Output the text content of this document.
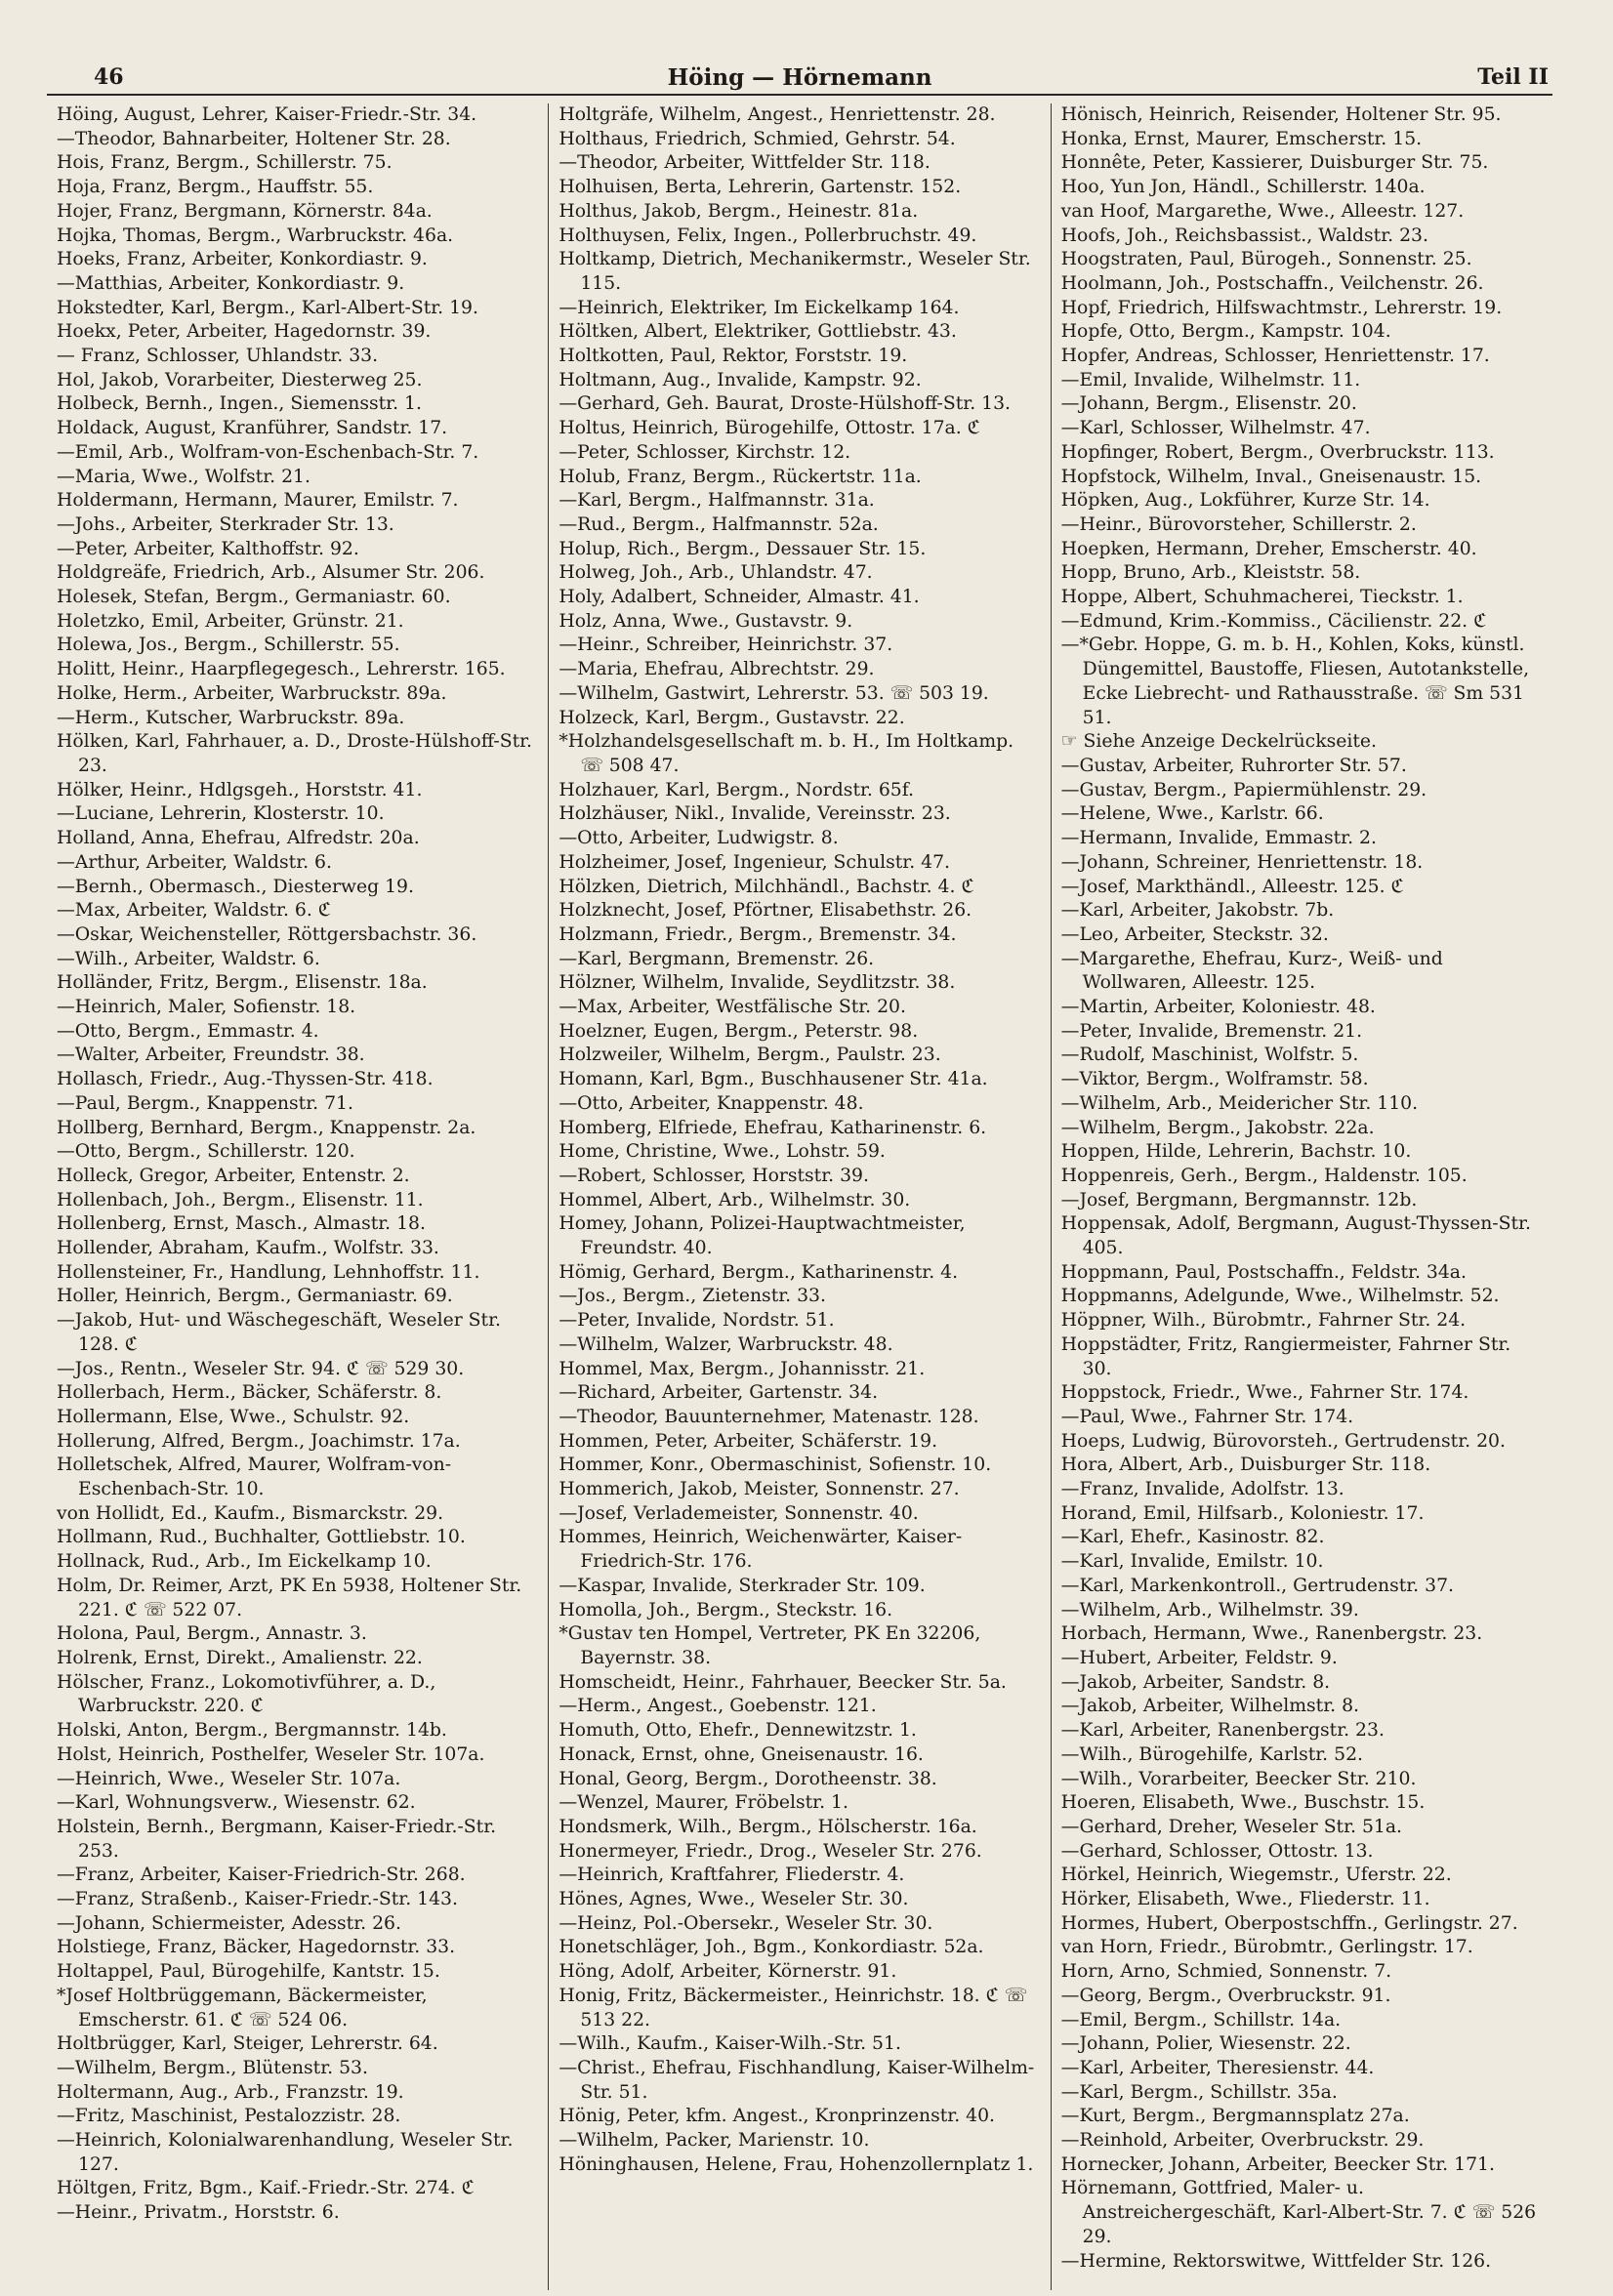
46	Höing — Hörnemann	Teil II
Höing, August, Lehrer, Kaiser-Friedr.-Str. 34.
—Theodor, Bahnarbeiter, Holtener Str. 28.
Hois, Franz, Bergm., Schillerstr. 75.
Hoja, Franz, Bergm., Hauffstr. 55.
Hojer, Franz, Bergmann, Körnerstr. 84a.
Hojka, Thomas, Bergm., Warbruckstr. 46a.
Hoeks, Franz, Arbeiter, Konkordiastr. 9.
—Matthias, Arbeiter, Konkordiastr. 9.
Hokstedter, Karl, Bergm., Karl-Albert-Str. 19.
Hoekx, Peter, Arbeiter, Hagedornstr. 39.
— Franz, Schlosser, Uhlandstr. 33.
Hol, Jakob, Vorarbeiter, Diesterweg 25.
Holbeck, Bernh., Ingen., Siemensstr. 1.
Holdack, August, Kranführer, Sandstr. 17.
—Emil, Arb., Wolfram-von-Eschenbach-Str. 7.
—Maria, Wwe., Wolfstr. 21.
Holdermann, Hermann, Maurer, Emilstr. 7.
—Johs., Arbeiter, Sterkrader Str. 13.
—Peter, Arbeiter, Kalthoffstr. 92.
Holdgreäfe, Friedrich, Arb., Alsumer Str. 206.
Holesek, Stefan, Bergm., Germaniastr. 60.
Holetzko, Emil, Arbeiter, Grünstr. 21.
Holewa, Jos., Bergm., Schillerstr. 55.
Holitt, Heinr., Haarpflegegesch., Lehrerstr. 165.
Holke, Herm., Arbeiter, Warbruckstr. 89a.
—Herm., Kutscher, Warbruckstr. 89a.
Hölken, Karl, Fahrhauer, a. D., Droste-Hülshoff-Str. 23.
Hölker, Heinr., Hdlgsgeh., Horststr. 41.
—Luciane, Lehrerin, Klosterstr. 10.
Holland, Anna, Ehefrau, Alfredstr. 20a.
—Arthur, Arbeiter, Waldstr. 6.
—Bernh., Obermasch., Diesterweg 19.
—Max, Arbeiter, Waldstr. 6. ℭ
—Oskar, Weichensteller, Röttgersbachstr. 36.
—Wilh., Arbeiter, Waldstr. 6.
Holländer, Fritz, Bergm., Elisenstr. 18a.
—Heinrich, Maler, Sofienstr. 18.
—Otto, Bergm., Emmastr. 4.
—Walter, Arbeiter, Freundstr. 38.
Hollasch, Friedr., Aug.-Thyssen-Str. 418.
—Paul, Bergm., Knappenstr. 71.
Hollberg, Bernhard, Bergm., Knappenstr. 2a.
—Otto, Bergm., Schillerstr. 120.
Holleck, Gregor, Arbeiter, Entenstr. 2.
Hollenbach, Joh., Bergm., Elisenstr. 11.
Hollenberg, Ernst, Masch., Almastr. 18.
Hollender, Abraham, Kaufm., Wolfstr. 33.
Hollensteiner, Fr., Handlung, Lehnhoffstr. 11.
Holler, Heinrich, Bergm., Germaniastr. 69.
—Jakob, Hut- und Wäschegeschäft, Weseler Str. 128. ℭ
—Jos., Rentn., Weseler Str. 94. ℭ ☏ 529 30.
Hollerbach, Herm., Bäcker, Schäferstr. 8.
Hollermann, Else, Wwe., Schulstr. 92.
Hollerung, Alfred, Bergm., Joachimstr. 17a.
Holletschek, Alfred, Maurer, Wolfram-von-Eschenbach-Str. 10.
von Hollidt, Ed., Kaufm., Bismarckstr. 29.
Hollmann, Rud., Buchhalter, Gottliebstr. 10.
Hollnack, Rud., Arb., Im Eickelkamp 10.
Holm, Dr. Reimer, Arzt, PK En 5938, Holtener Str. 221. ℭ ☏ 522 07.
Holona, Paul, Bergm., Annastr. 3.
Holrenk, Ernst, Direkt., Amalienstr. 22.
Hölscher, Franz., Lokomotivführer, a. D., Warbruckstr. 220. ℭ
Holski, Anton, Bergm., Bergmannstr. 14b.
Holst, Heinrich, Posthelfer, Weseler Str. 107a.
—Heinrich, Wwe., Weseler Str. 107a.
—Karl, Wohnungsverw., Wiesenstr. 62.
Holstein, Bernh., Bergmann, Kaiser-Friedr.-Str. 253.
—Franz, Arbeiter, Kaiser-Friedrich-Str. 268.
—Franz, Straßenb., Kaiser-Friedr.-Str. 143.
—Johann, Schiermeister, Adesstr. 26.
Holstiege, Franz, Bäcker, Hagedornstr. 33.
Holtappel, Paul, Bürogehilfe, Kantstr. 15.
*Josef Holtbrüggemann, Bäckermeister, Emscherstr. 61. ℭ ☏ 524 06.
Holtbrügger, Karl, Steiger, Lehrerstr. 64.
—Wilhelm, Bergm., Blütenstr. 53.
Holtermann, Aug., Arb., Franzstr. 19.
—Fritz, Maschinist, Pestalozzistr. 28.
—Heinrich, Kolonialwarenhandlung, Weseler Str. 127.
Höltgen, Fritz, Bgm., Kaif.-Friedr.-Str. 274. ℭ
—Heinr., Privatm., Horststr. 6.
Holtgräfe, Wilhelm, Angest., Henriettenstr. 28.
Holthaus, Friedrich, Schmied, Gehrstr. 54.
—Theodor, Arbeiter, Wittfelder Str. 118.
Holhuisen, Berta, Lehrerin, Gartenstr. 152.
Holthus, Jakob, Bergm., Heinestr. 81a.
Holthuysen, Felix, Ingen., Pollerbruchstr. 49.
Holtkamp, Dietrich, Mechanikermstr., Weseler Str. 115.
—Heinrich, Elektriker, Im Eickelkamp 164.
Höltken, Albert, Elektriker, Gottliebstr. 43.
Holtkotten, Paul, Rektor, Forststr. 19.
Holtmann, Aug., Invalide, Kampstr. 92.
—Gerhard, Geh. Baurat, Droste-Hülshoff-Str. 13.
Holtus, Heinrich, Bürogehilfe, Ottostr. 17a. ℭ
—Peter, Schlosser, Kirchstr. 12.
Holub, Franz, Bergm., Rückertstr. 11a.
—Karl, Bergm., Halfmannstr. 31a.
—Rud., Bergm., Halfmannstr. 52a.
Holup, Rich., Bergm., Dessauer Str. 15.
Holweg, Joh., Arb., Uhlandstr. 47.
Holy, Adalbert, Schneider, Almastr. 41.
Holz, Anna, Wwe., Gustavstr. 9.
—Heinr., Schreiber, Heinrichstr. 37.
—Maria, Ehefrau, Albrechtstr. 29.
—Wilhelm, Gastwirt, Lehrerstr. 53. ☏ 503 19.
Holzeck, Karl, Bergm., Gustavstr. 22.
*Holzhandelsgesellschaft m. b. H., Im Holtkamp. ☏ 508 47.
Holzhauer, Karl, Bergm., Nordstr. 65f.
Holzhäuser, Nikl., Invalide, Vereinsstr. 23.
—Otto, Arbeiter, Ludwigstr. 8.
Holzheimer, Josef, Ingenieur, Schulstr. 47.
Hölzken, Dietrich, Milchhändl., Bachstr. 4. ℭ
Holzknecht, Josef, Pförtner, Elisabethstr. 26.
Holzmann, Friedr., Bergm., Bremenstr. 34.
—Karl, Bergmann, Bremenstr. 26.
Hölzner, Wilhelm, Invalide, Seydlitzstr. 38.
—Max, Arbeiter, Westfälische Str. 20.
Hoelzner, Eugen, Bergm., Peterstr. 98.
Holzweiler, Wilhelm, Bergm., Paulstr. 23.
Homann, Karl, Bgm., Buschhausener Str. 41a.
—Otto, Arbeiter, Knappenstr. 48.
Homberg, Elfriede, Ehefrau, Katharinenstr. 6.
Home, Christine, Wwe., Lohstr. 59.
—Robert, Schlosser, Horststr. 39.
Hommel, Albert, Arb., Wilhelmstr. 30.
Homey, Johann, Polizei-Hauptwachtmeister, Freundstr. 40.
Hömig, Gerhard, Bergm., Katharinenstr. 4.
—Jos., Bergm., Zietenstr. 33.
—Peter, Invalide, Nordstr. 51.
—Wilhelm, Walzer, Warbruckstr. 48.
Hommel, Max, Bergm., Johannisstr. 21.
—Richard, Arbeiter, Gartenstr. 34.
—Theodor, Bauunternehmer, Matenastr. 128.
Hommen, Peter, Arbeiter, Schäferstr. 19.
Hommer, Konr., Obermaschinist, Sofienstr. 10.
Hommerich, Jakob, Meister, Sonnenstr. 27.
—Josef, Verlademeister, Sonnenstr. 40.
Hommes, Heinrich, Weichenwärter, Kaiser-Friedrich-Str. 176.
—Kaspar, Invalide, Sterkrader Str. 109.
Homolla, Joh., Bergm., Steckstr. 16.
*Gustav ten Hompel, Vertreter, PK En 32206, Bayernstr. 38.
Homscheidt, Heinr., Fahrhauer, Beecker Str. 5a.
—Herm., Angest., Goebenstr. 121.
Homuth, Otto, Ehefr., Dennewitzstr. 1.
Honack, Ernst, ohne, Gneisenaustr. 16.
Honal, Georg, Bergm., Dorotheenstr. 38.
—Wenzel, Maurer, Fröbelstr. 1.
Hondsmerk, Wilh., Bergm., Hölscherstr. 16a.
Honermeyer, Friedr., Drog., Weseler Str. 276.
—Heinrich, Kraftfahrer, Fliederstr. 4.
Hönes, Agnes, Wwe., Weseler Str. 30.
—Heinz, Pol.-Obersekr., Weseler Str. 30.
Honetschläger, Joh., Bgm., Konkordiastr. 52a.
Höng, Adolf, Arbeiter, Körnerstr. 91.
Honig, Fritz, Bäckermeister., Heinrichstr. 18. ℭ ☏ 513 22.
—Wilh., Kaufm., Kaiser-Wilh.-Str. 51.
—Christ., Ehefrau, Fischhandlung, Kaiser-Wilhelm-Str. 51.
Hönig, Peter, kfm. Angest., Kronprinzenstr. 40.
—Wilhelm, Packer, Marienstr. 10.
Höninghausen, Helene, Frau, Hohenzollernplatz 1.
Hönisch, Heinrich, Reisender, Holtener Str. 95.
Honka, Ernst, Maurer, Emscherstr. 15.
Honnête, Peter, Kassierer, Duisburger Str. 75.
Hoo, Yun Jon, Händl., Schillerstr. 140a.
van Hoof, Margarethe, Wwe., Alleestr. 127.
Hoofs, Joh., Reichsbassist., Waldstr. 23.
Hoogstraten, Paul, Bürogeh., Sonnenstr. 25.
Hoolmann, Joh., Postschaffn., Veilchenstr. 26.
Hopf, Friedrich, Hilfswachtmstr., Lehrerstr. 19.
Hopfe, Otto, Bergm., Kampstr. 104.
Hopfer, Andreas, Schlosser, Henriettenstr. 17.
—Emil, Invalide, Wilhelmstr. 11.
—Johann, Bergm., Elisenstr. 20.
—Karl, Schlosser, Wilhelmstr. 47.
Hopfinger, Robert, Bergm., Overbruckstr. 113.
Hopfstock, Wilhelm, Inval., Gneisenaustr. 15.
Höpken, Aug., Lokführer, Kurze Str. 14.
—Heinr., Bürovorsteher, Schillerstr. 2.
Hoepken, Hermann, Dreher, Emscherstr. 40.
Hopp, Bruno, Arb., Kleiststr. 58.
Hoppe, Albert, Schuhmacherei, Tieckstr. 1.
—Edmund, Krim.-Kommiss., Cäcilienstr. 22. ℭ
—*Gebr. Hoppe, G. m. b. H., Kohlen, Koks, künstl. Düngemittel, Baustoffe, Fliesen, Autotankstelle, Ecke Liebrecht- und Rathausstraße. ☏ Sm 531 51.
☞ Siehe Anzeige Deckelrückseite.
—Gustav, Arbeiter, Ruhrorter Str. 57.
—Gustav, Bergm., Papiermühlenstr. 29.
—Helene, Wwe., Karlstr. 66.
—Hermann, Invalide, Emmastr. 2.
—Johann, Schreiner, Henriettenstr. 18.
—Josef, Markthändl., Alleestr. 125. ℭ
—Karl, Arbeiter, Jakobstr. 7b.
—Leo, Arbeiter, Steckstr. 32.
—Margarethe, Ehefrau, Kurz-, Weiß- und Wollwaren, Alleestr. 125.
—Martin, Arbeiter, Koloniestr. 48.
—Peter, Invalide, Bremenstr. 21.
—Rudolf, Maschinist, Wolfstr. 5.
—Viktor, Bergm., Wolframstr. 58.
—Wilhelm, Arb., Meidericher Str. 110.
—Wilhelm, Bergm., Jakobstr. 22a.
Hoppen, Hilde, Lehrerin, Bachstr. 10.
Hoppenreis, Gerh., Bergm., Haldenstr. 105.
—Josef, Bergmann, Bergmannstr. 12b.
Hoppensak, Adolf, Bergmann, August-Thyssen-Str. 405.
Hoppmann, Paul, Postschaffn., Feldstr. 34a.
Hoppmanns, Adelgunde, Wwe., Wilhelmstr. 52.
Höppner, Wilh., Bürobmtr., Fahrner Str. 24.
Hoppstädter, Fritz, Rangiermeister, Fahrner Str. 30.
Hoppstock, Friedr., Wwe., Fahrner Str. 174.
—Paul, Wwe., Fahrner Str. 174.
Hoeps, Ludwig, Bürovorsteh., Gertrudenstr. 20.
Hora, Albert, Arb., Duisburger Str. 118.
—Franz, Invalide, Adolfstr. 13.
Horand, Emil, Hilfsarb., Koloniestr. 17.
—Karl, Ehefr., Kasinostr. 82.
—Karl, Invalide, Emilstr. 10.
—Karl, Markenkontroll., Gertrudenstr. 37.
—Wilhelm, Arb., Wilhelmstr. 39.
Horbach, Hermann, Wwe., Ranenbergstr. 23.
—Hubert, Arbeiter, Feldstr. 9.
—Jakob, Arbeiter, Sandstr. 8.
—Jakob, Arbeiter, Wilhelmstr. 8.
—Karl, Arbeiter, Ranenbergstr. 23.
—Wilh., Bürogehilfe, Karlstr. 52.
—Wilh., Vorarbeiter, Beecker Str. 210.
Hoeren, Elisabeth, Wwe., Buschstr. 15.
—Gerhard, Dreher, Weseler Str. 51a.
—Gerhard, Schlosser, Ottostr. 13.
Hörkel, Heinrich, Wiegemstr., Uferstr. 22.
Hörker, Elisabeth, Wwe., Fliederstr. 11.
Hormes, Hubert, Oberpostschffn., Gerlingstr. 27.
van Horn, Friedr., Bürobmtr., Gerlingstr. 17.
Horn, Arno, Schmied, Sonnenstr. 7.
—Georg, Bergm., Overbruckstr. 91.
—Emil, Bergm., Schillstr. 14a.
—Johann, Polier, Wiesenstr. 22.
—Karl, Arbeiter, Theresienstr. 44.
—Karl, Bergm., Schillstr. 35a.
—Kurt, Bergm., Bergmannsplatz 27a.
—Reinhold, Arbeiter, Overbruckstr. 29.
Hornecker, Johann, Arbeiter, Beecker Str. 171.
Hörnemann, Gottfried, Maler- u. Anstreichergeschäft, Karl-Albert-Str. 7. ℭ ☏ 526 29.
—Hermine, Rektorswitwe, Wittfelder Str. 126.
